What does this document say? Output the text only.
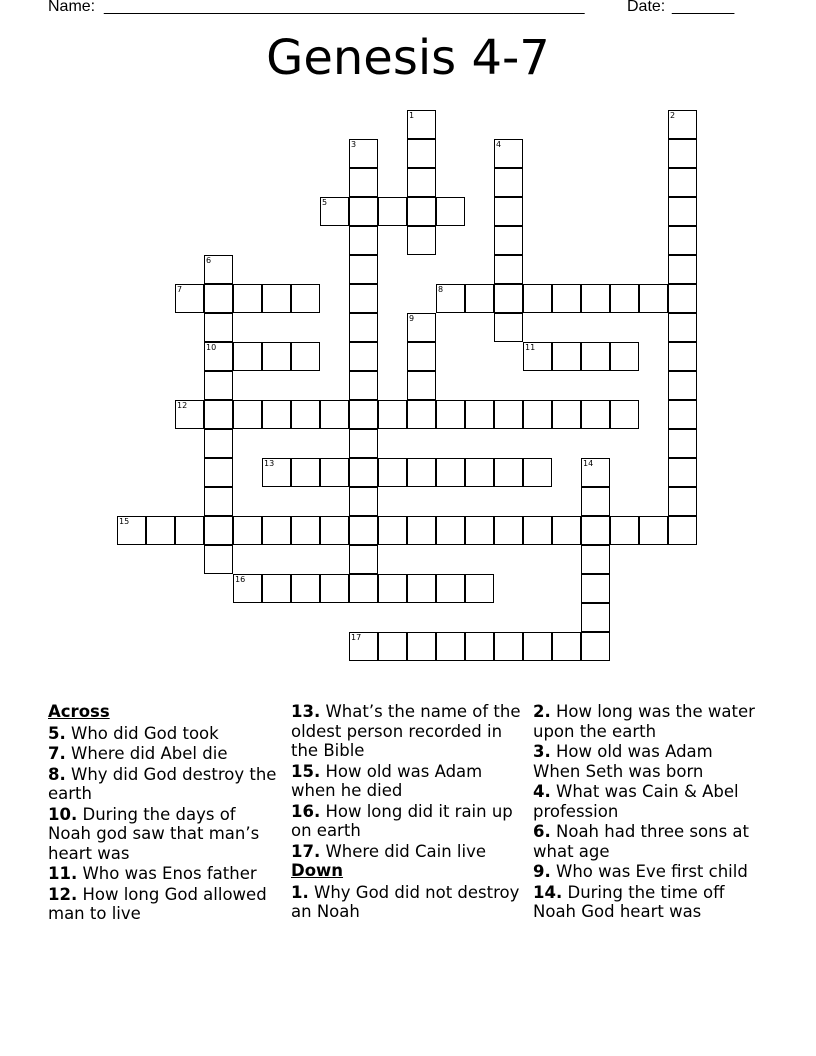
Name: ______________________________________________________	Date: _______
Genesis 4-7
1	2
3	4
5
6
10
7	8
9
11
12
13	14
15
16
17
Across
5. Who did God took
7. Where did Abel die
8. Why did God destroy the earth
10. During the days of Noah god saw that man’s heart was
11. Who was Enos father
12. How long God allowed man to live
13. What’s the name of the oldest person recorded in the Bible
15. How old was Adam when he died
16. How long did it rain up on earth
17. Where did Cain live
Down
1. Why God did not destroy an Noah
2. How long was the water upon the earth
3. How old was Adam When Seth was born
4. What was Cain & Abel profession
6. Noah had three sons at what age
9. Who was Eve first child
14. During the time off Noah God heart was
